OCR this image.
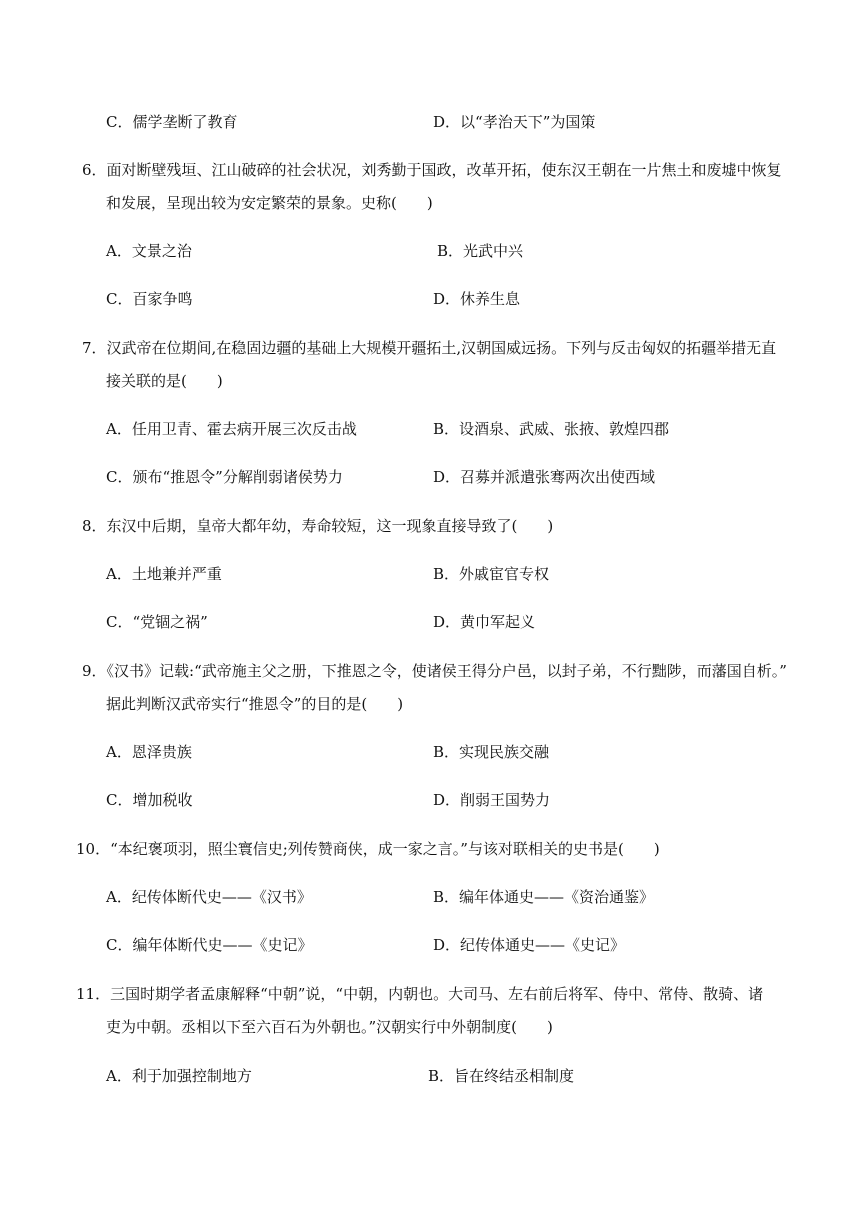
C．儒学垄断了教育	D．以“孝治天下”为国策
6．面对断壁残垣、江山破碎的社会状况，刘秀勤于国政，改革开拓，使东汉王朝在一片焦土和废墟中恢复
和发展，呈现出较为安定繁荣的景象。史称(　　)
A．文景之治	B．光武中兴
C．百家争鸣	D．休养生息
7．汉武帝在位期间,在稳固边疆的基础上大规模开疆拓土,汉朝国威远扬。下列与反击匈奴的拓疆举措无直
接关联的是(　　)
A．任用卫青、霍去病开展三次反击战	B．设酒泉、武威、张掖、敦煌四郡
C．颁布“推恩令”分解削弱诸侯势力	D．召募并派遣张骞两次出使西域
8．东汉中后期，皇帝大都年幼，寿命较短，这一现象直接导致了(　　)
A．土地兼并严重	B．外戚宦官专权
C．“党锢之祸”	D．黄巾军起义
9．《汉书》记载:“武帝施主父之册，下推恩之令，使诸侯王得分户邑，以封子弟，不行黜陟，而藩国自析。”
据此判断汉武帝实行“推恩令”的目的是(　　)
A．恩泽贵族	B．实现民族交融
C．增加税收	D．削弱王国势力
10．“本纪褒项羽，照尘寰信史;列传赞商侠，成一家之言。”与该对联相关的史书是(　　)
A．纪传体断代史——《汉书》	B．编年体通史——《资治通鉴》
C．编年体断代史——《史记》	D．纪传体通史——《史记》
11．三国时期学者孟康解释“中朝”说，“中朝，内朝也。大司马、左右前后将军、侍中、常侍、散骑、诸
吏为中朝。丞相以下至六百石为外朝也。”汉朝实行中外朝制度(　　)
A．利于加强控制地方	B．旨在终结丞相制度
